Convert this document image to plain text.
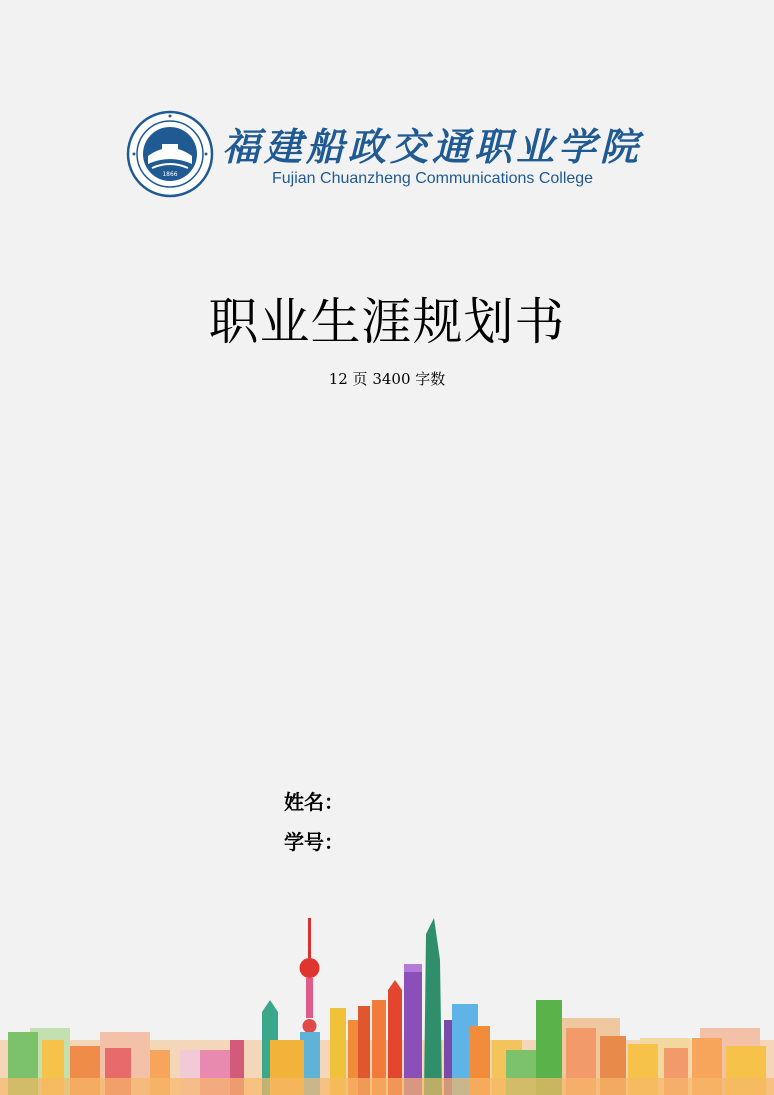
1866
福建船政交通职业学院
Fujian Chuanzheng Communications College
职业生涯规划书
12 页 3400 字数
姓名：
学号：
